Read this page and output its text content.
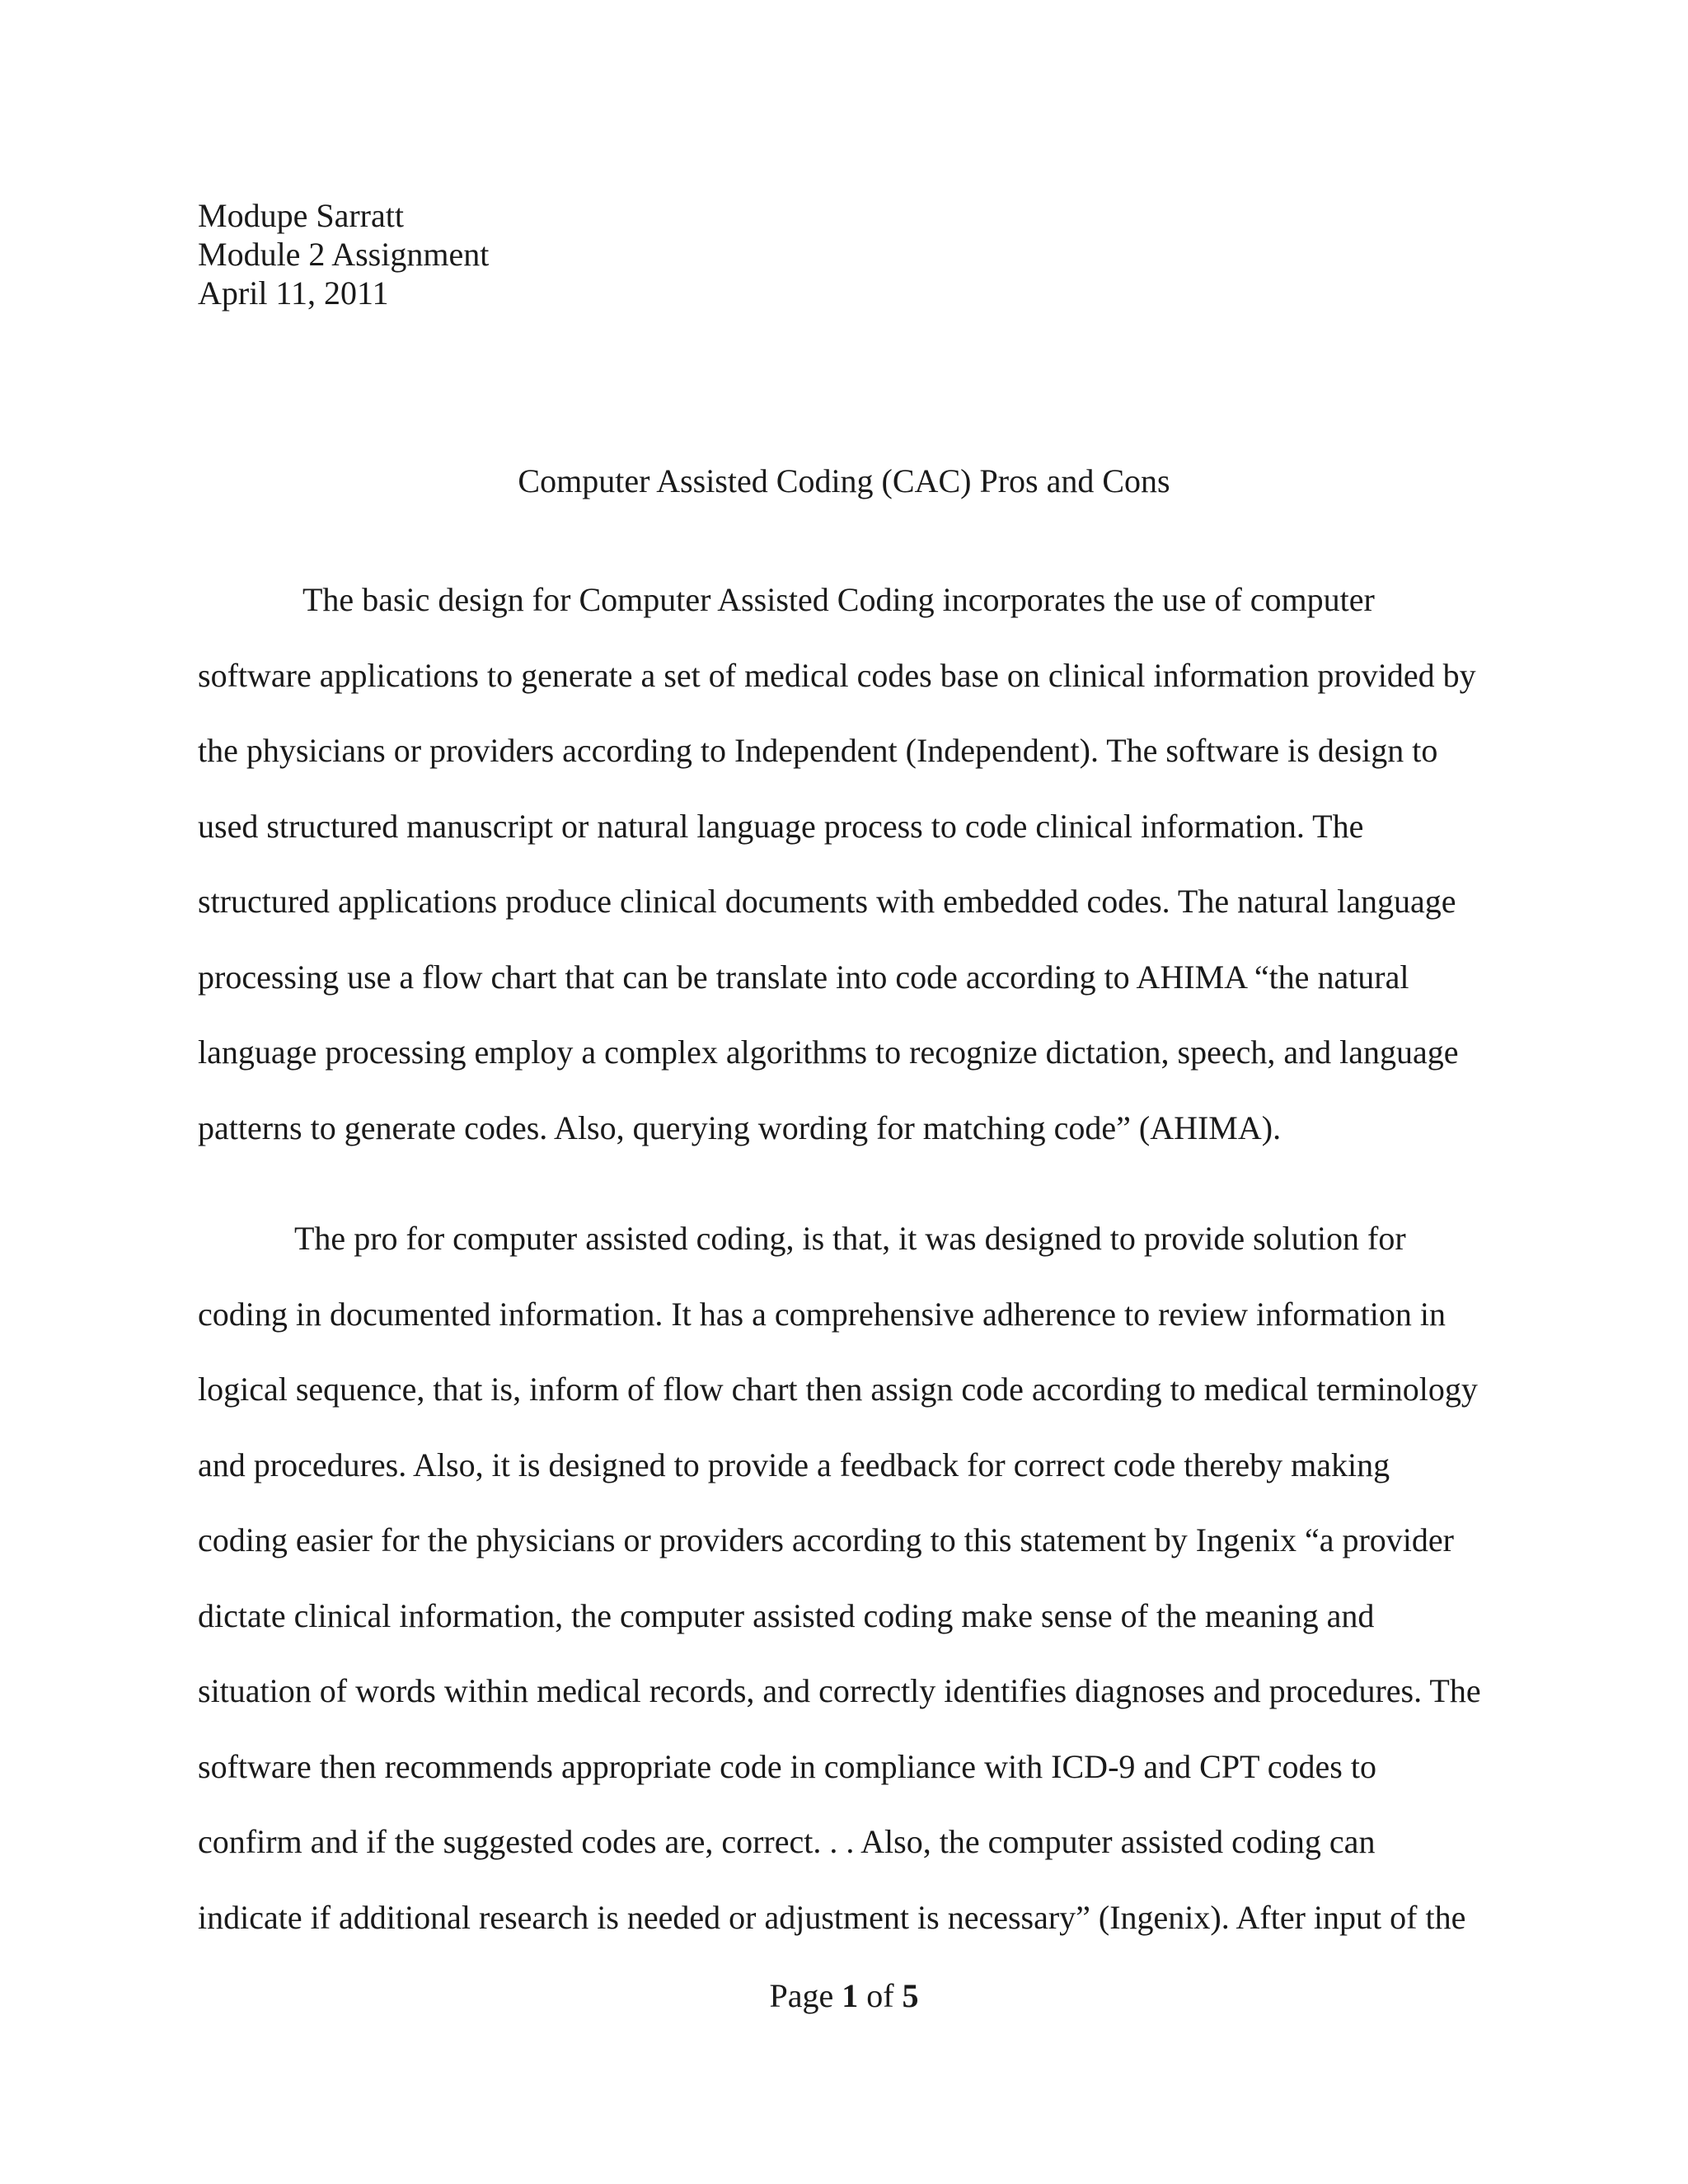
Modupe Sarratt
Module 2 Assignment
April 11, 2011
Computer Assisted Coding (CAC) Pros and Cons
The basic design for Computer Assisted Coding incorporates the use of computer
software applications to generate a set of medical codes base on clinical information provided by
the physicians or providers according to Independent (Independent). The software is design to
used structured manuscript or natural language process to code clinical information. The
structured applications produce clinical documents with embedded codes. The natural language
processing use a flow chart that can be translate into code according to AHIMA “the natural
language processing employ a complex algorithms to recognize dictation, speech, and language
patterns to generate codes. Also, querying wording for matching code” (AHIMA).
The pro for computer assisted coding, is that, it was designed to provide solution for
coding in documented information. It has a comprehensive adherence to review information in
logical sequence, that is, inform of flow chart then assign code according to medical terminology
and procedures. Also, it is designed to provide a feedback for correct code thereby making
coding easier for the physicians or providers according to this statement by Ingenix “a provider
dictate clinical information, the computer assisted coding make sense of the meaning and
situation of words within medical records, and correctly identifies diagnoses and procedures. The
software then recommends appropriate code in compliance with ICD-9 and CPT codes to
confirm and if the suggested codes are, correct. . . Also, the computer assisted coding can
indicate if additional research is needed or adjustment is necessary” (Ingenix). After input of the
Page 1 of 5
